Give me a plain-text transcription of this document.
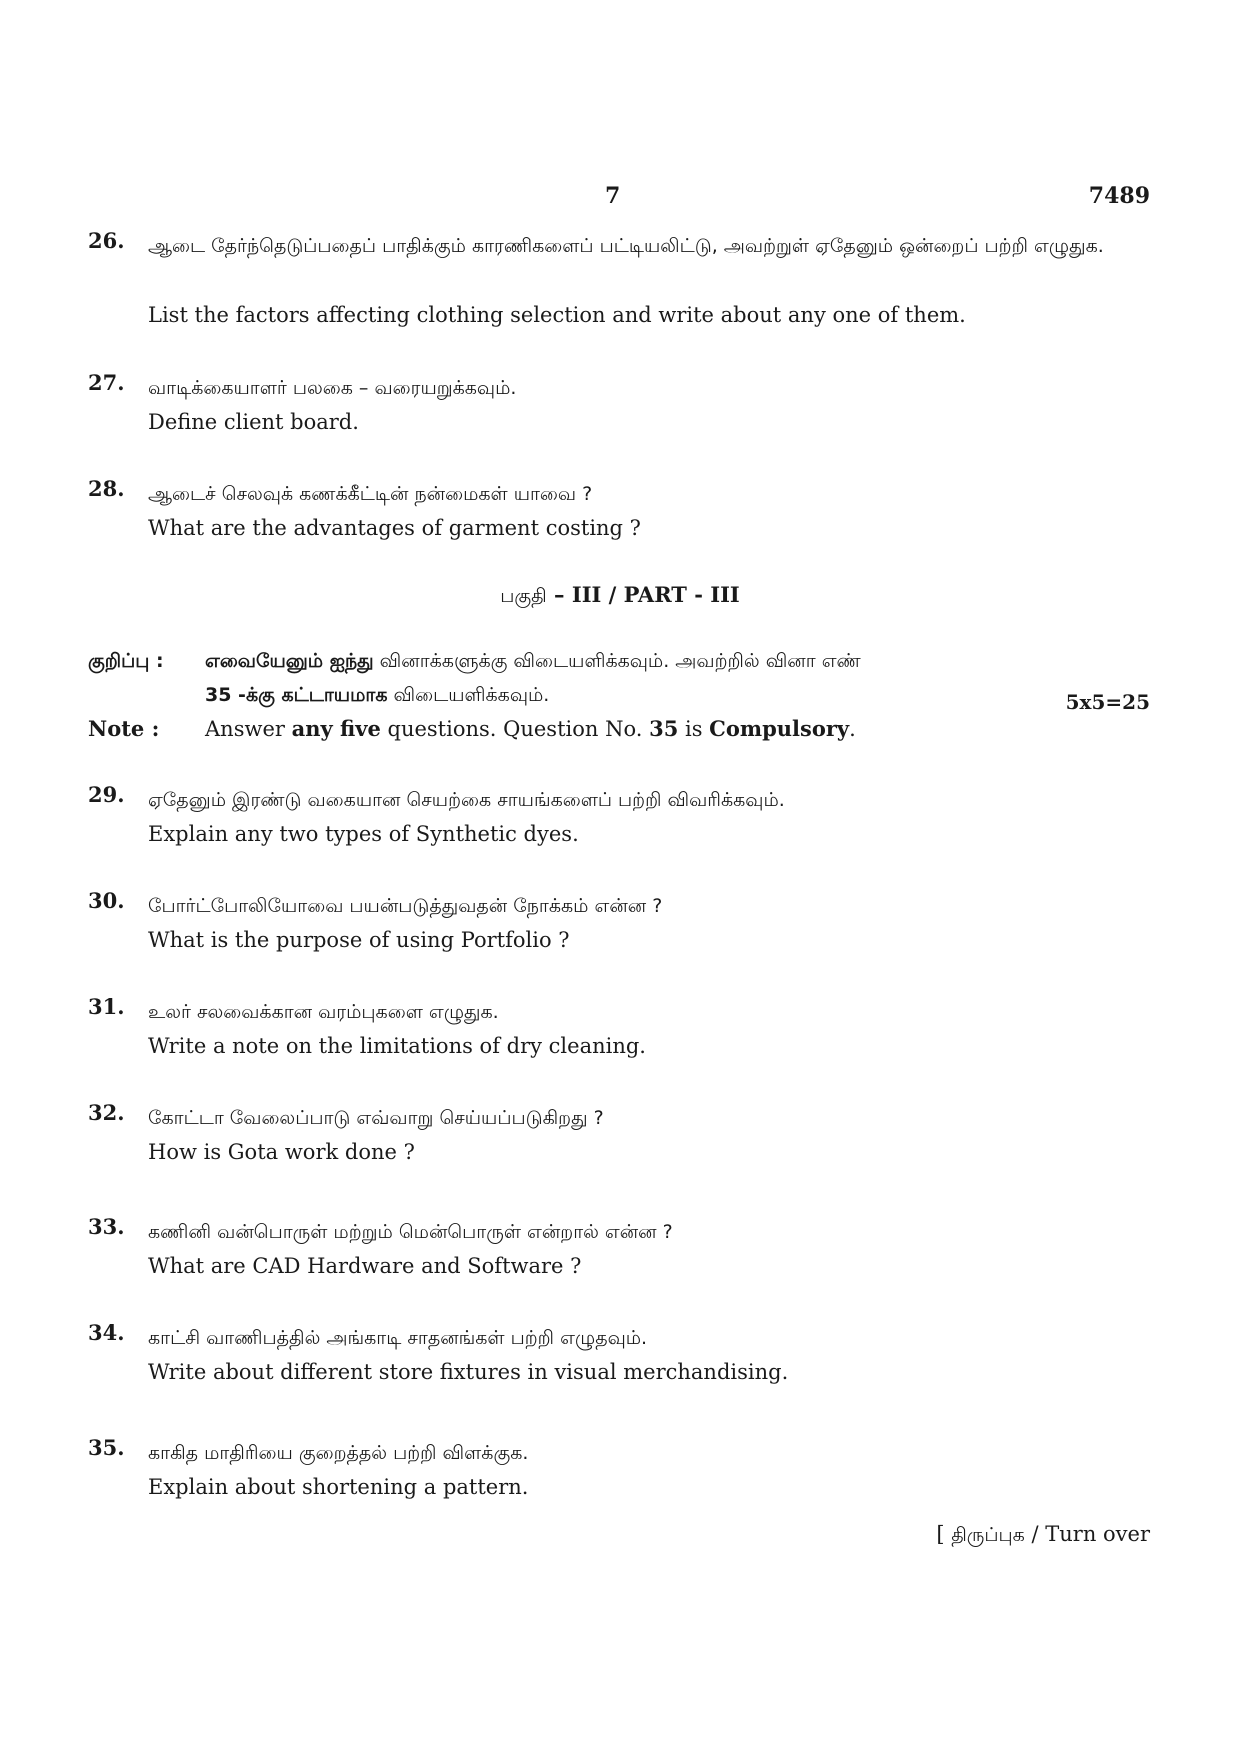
7	7489
26. ஆடை தேர்ந்தெடுப்பதைப் பாதிக்கும் காரணிகளைப் பட்டியலிட்டு, அவற்றுள் ஏதேனும் ஒன்றைப் பற்றி எழுதுக.
List the factors affecting clothing selection and write about any one of them.
27. வாடிக்கையாளர் பலகை – வரையறுக்கவும்.
Define client board.
28. ஆடைச் செலவுக் கணக்கீட்டின் நன்மைகள் யாவை ?
What are the advantages of garment costing ?
பகுதி – III / PART - III
குறிப்பு : எவையேனும் ஐந்து வினாக்களுக்கு விடையளிக்கவும். அவற்றில் வினா எண்
35 -க்கு கட்டாயமாக விடையளிக்கவும்.	5x5=25
Note : Answer any five questions. Question No. 35 is Compulsory.
29. ஏதேனும் இரண்டு வகையான செயற்கை சாயங்களைப் பற்றி விவரிக்கவும்.
Explain any two types of Synthetic dyes.
30. போர்ட்போலியோவை பயன்படுத்துவதன் நோக்கம் என்ன ?
What is the purpose of using Portfolio ?
31. உலர் சலவைக்கான வரம்புகளை எழுதுக.
Write a note on the limitations of dry cleaning.
32. கோட்டா வேலைப்பாடு எவ்வாறு செய்யப்படுகிறது ?
How is Gota work done ?
33. கணினி வன்பொருள் மற்றும் மென்பொருள் என்றால் என்ன ?
What are CAD Hardware and Software ?
34. காட்சி வாணிபத்தில் அங்காடி சாதனங்கள் பற்றி எழுதவும்.
Write about different store fixtures in visual merchandising.
35. காகித மாதிரியை குறைத்தல் பற்றி விளக்குக.
Explain about shortening a pattern.
[ திருப்புக / Turn over
